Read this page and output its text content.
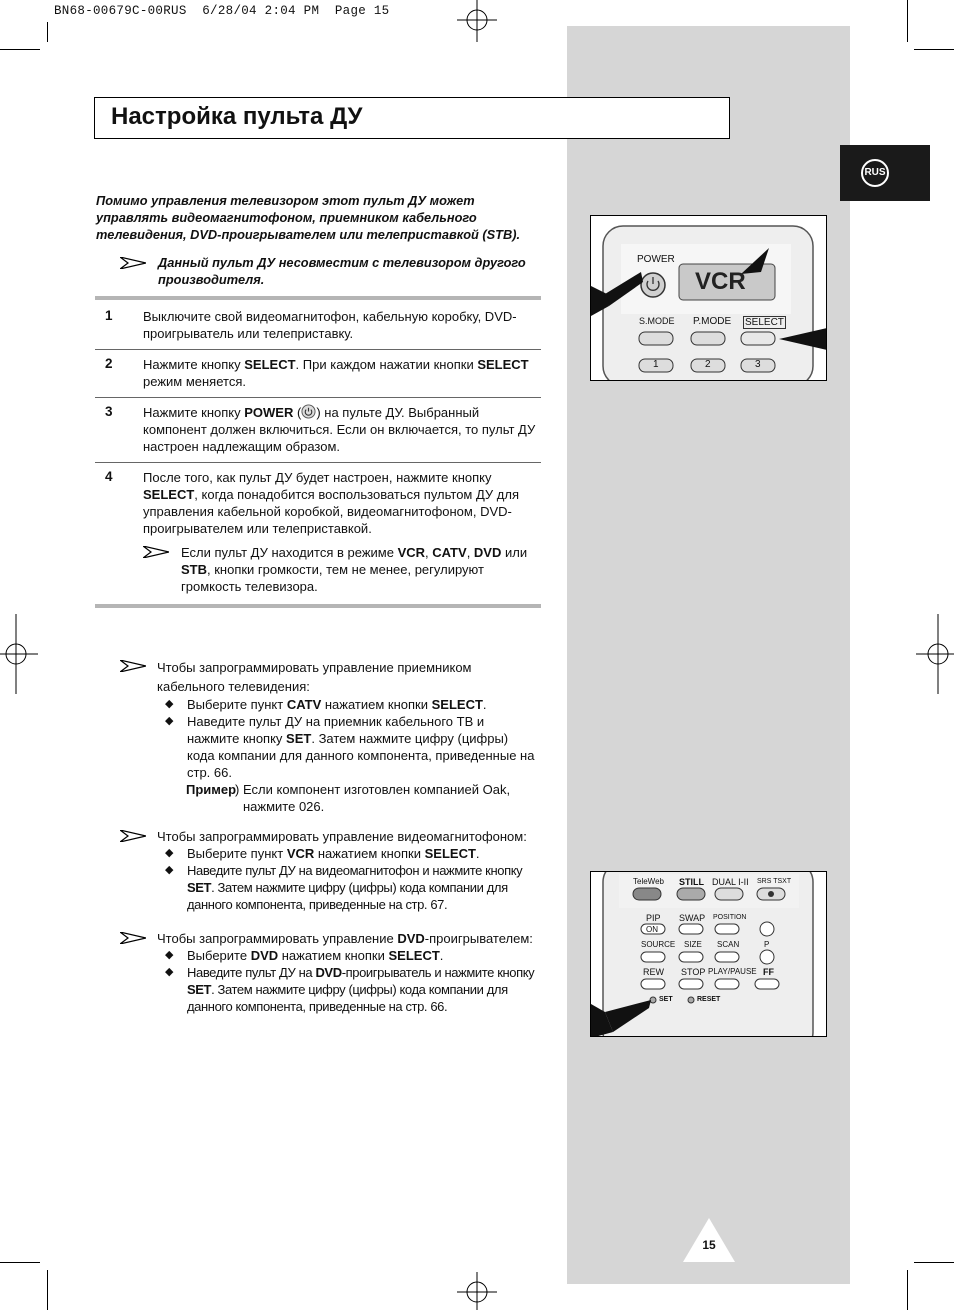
BN68-00679C-00RUS 6/28/04 2:04 PM Page 15
Настройка пульта ДУ
RUS
Помимо управления телевизором этот пульт ДУ может управлять видеомагнитофоном, приемником кабельного телевидения, DVD-проигрывателем или телеприставкой (STB).
Данный пульт ДУ несовместим с телевизором другого производителя.
1 Выключите свой видеомагнитофон, кабельную коробку, DVD-проигрыватель или телеприставку.
2 Нажмите кнопку SELECT. При каждом нажатии кнопки SELECT режим меняется.
3 Нажмите кнопку POWER ( ) на пульте ДУ. Выбранный компонент должен включиться. Если он включается, то пульт ДУ настроен надлежащим образом.
4 После того, как пульт ДУ будет настроен, нажмите кнопку SELECT, когда понадобится воспользоваться пультом ДУ для управления кабельной коробкой, видеомагнитофоном, DVD-проигрывателем или телеприставкой.
Если пульт ДУ находится в режиме VCR, CATV, DVD или STB, кнопки громкости, тем не менее, регулируют громкость телевизора.
Чтобы запрограммировать управление приемником кабельного телевидения:
◆ Выберите пункт CATV нажатием кнопки SELECT.
◆ Наведите пульт ДУ на приемник кабельного ТВ и нажмите кнопку SET. Затем нажмите цифру (цифры) кода компании для данного компонента, приведенные на стр. 66.
Пример
) Если компонент изготовлен компанией Oak, нажмите 026.
Чтобы запрограммировать управление видеомагнитофоном:
◆ Выберите пункт VCR нажатием кнопки SELECT.
◆ Наведите пульт ДУ на видеомагнитофон и нажмите кнопку SET. Затем нажмите цифру (цифры) кода компании для данного компонента, приведенные на стр. 67.
Чтобы запрограммировать управление DVD-проигрывателем:
◆ Выберите DVD нажатием кнопки SELECT.
◆ Наведите пульт ДУ на DVD-проигрыватель и нажмите кнопку SET. Затем нажмите цифру (цифры) кода компании для данного компонента, приведенные на стр. 66.
POWER
VCR
S.MODE P.MODE SELECT
1	2	3
TeleWeb STILL DUAL I-II SRS TSXT
PIP SWAP POSITION
ON
SOURCE SIZE SCAN	P
REW STOP PLAY/PAUSE FF
SET	RESET
15
